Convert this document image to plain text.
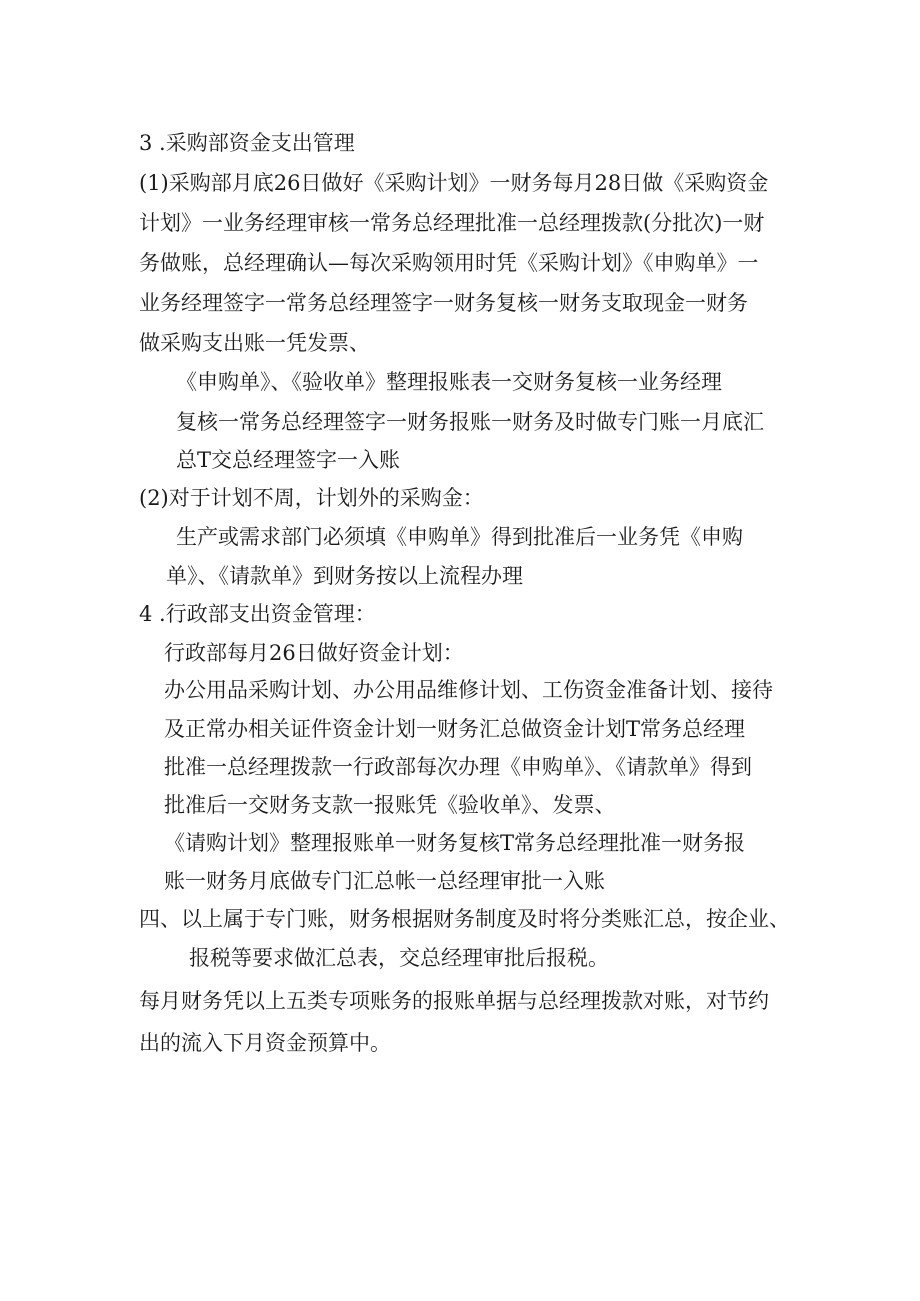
3 .采购部资金支出管理
(1)采购部月底26日做好《采购计划》一财务每月28日做《采购资金
计划》一业务经理审核一常务总经理批准一总经理拨款(分批次)一财
务做账，总经理确认—每次采购领用时凭《采购计划》《申购单》一
业务经理签字一常务总经理签字一财务复核一财务支取现金一财务
做采购支出账一凭发票、
《申购单》、《验收单》整理报账表一交财务复核一业务经理
复核一常务总经理签字一财务报账一财务及时做专门账一月底汇
总T交总经理签字一入账
(2)对于计划不周，计划外的采购金：
生产或需求部门必须填《申购单》得到批准后一业务凭《申购
单》、《请款单》到财务按以上流程办理
4 .行政部支出资金管理：
行政部每月26日做好资金计划：
办公用品采购计划、办公用品维修计划、工伤资金准备计划、接待
及正常办相关证件资金计划一财务汇总做资金计划T常务总经理
批准一总经理拨款一行政部每次办理《申购单》、《请款单》得到
批准后一交财务支款一报账凭《验收单》、发票、
《请购计划》整理报账单一财务复核T常务总经理批准一财务报
账一财务月底做专门汇总帐一总经理审批一入账
四、以上属于专门账，财务根据财务制度及时将分类账汇总，按企业、
报税等要求做汇总表，交总经理审批后报税。
每月财务凭以上五类专项账务的报账单据与总经理拨款对账，对节约
出的流入下月资金预算中。
